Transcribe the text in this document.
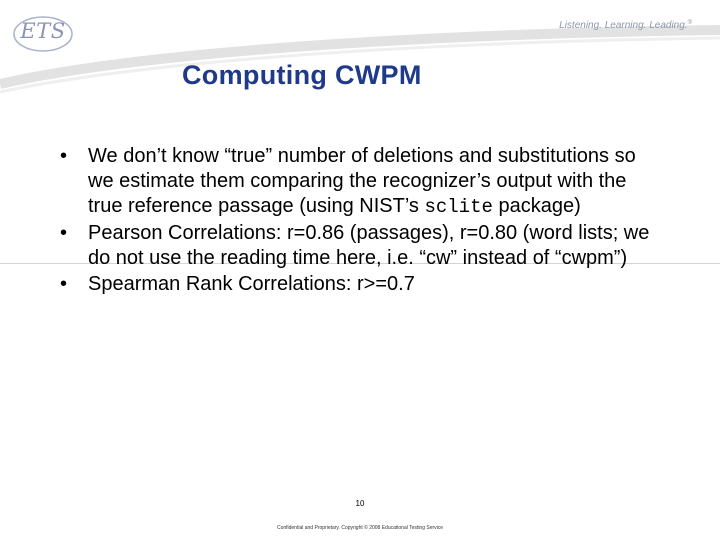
ETS	Listening. Learning. Leading.®
Computing CWPM
• We don’t know “true” number of deletions and substitutions so we estimate them comparing the recognizer’s output with the true reference passage (using NIST’s sclite package)
• Pearson Correlations: r=0.86 (passages), r=0.80 (word lists; we do not use the reading time here, i.e. “cw” instead of “cwpm”)
• Spearman Rank Correlations: r>=0.7
10
Confidential and Proprietary. Copyright © 2008 Educational Testing Service
